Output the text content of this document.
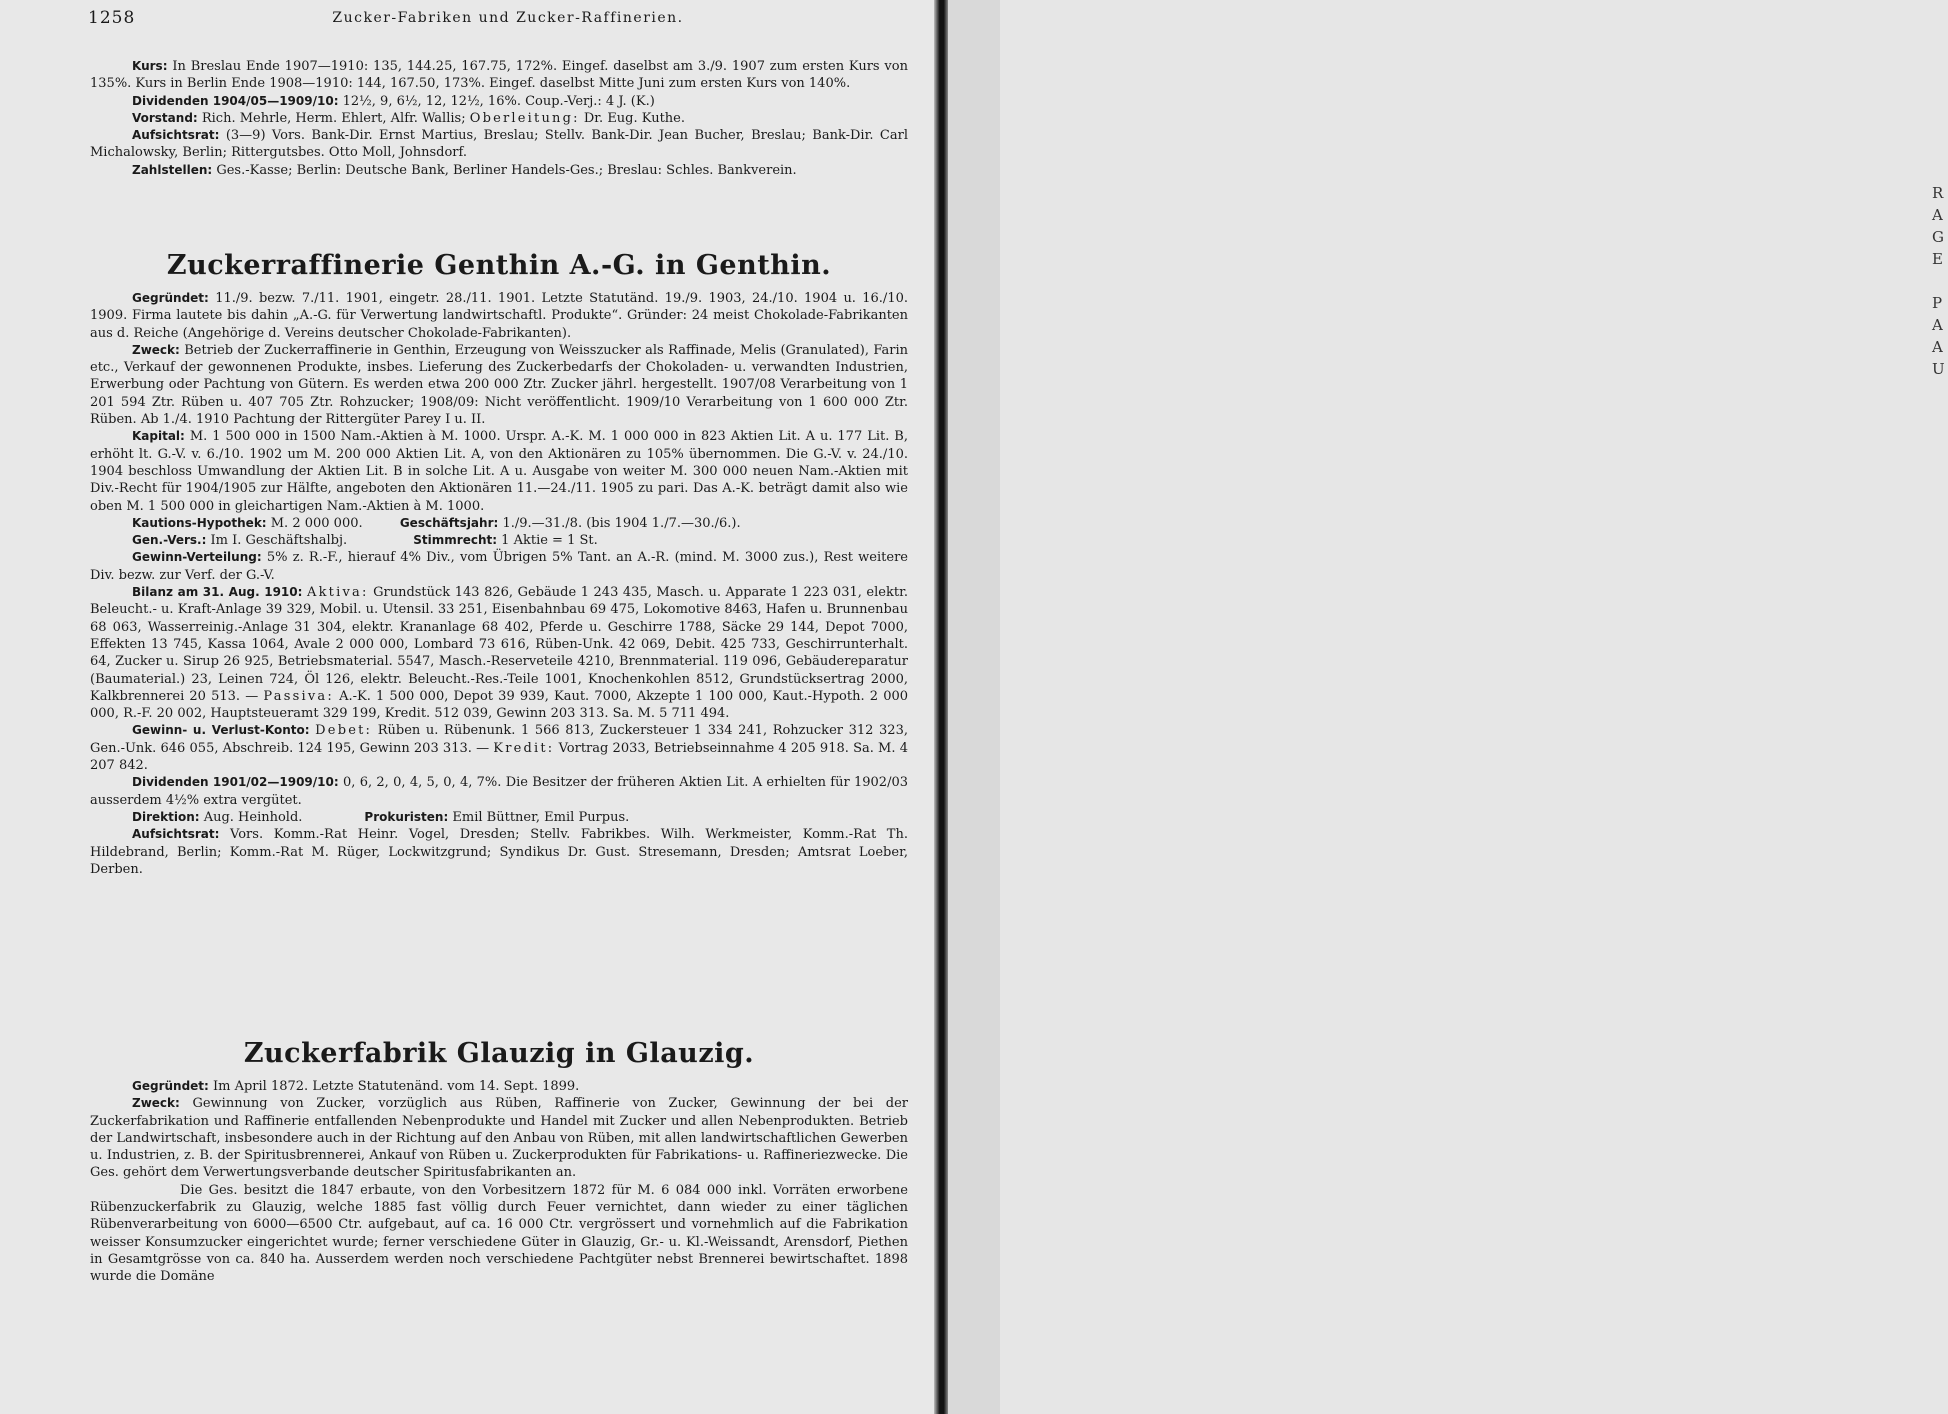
1258	Zucker-Fabriken und Zucker-Raffinerien.

Kurs: In Breslau Ende 1907—1910: 135, 144.25, 167.75, 172%. Eingef. daselbst am 3./9. 1907 zum ersten Kurs von 135%. Kurs in Berlin Ende 1908—1910: 144, 167.50, 173%. Eingef. daselbst Mitte Juni zum ersten Kurs von 140%.

Dividenden 1904/05—1909/10: 12½, 9, 6½, 12, 12½, 16%. Coup.-Verj.: 4 J. (K.)

Vorstand: Rich. Mehrle, Herm. Ehlert, Alfr. Wallis; Oberleitung: Dr. Eug. Kuthe.

Aufsichtsrat: (3—9) Vors. Bank-Dir. Ernst Martius, Breslau; Stellv. Bank-Dir. Jean Bucher, Breslau; Bank-Dir. Carl Michalowsky, Berlin; Rittergutsbes. Otto Moll, Johnsdorf.

Zahlstellen: Ges.-Kasse; Berlin: Deutsche Bank, Berliner Handels-Ges.; Breslau: Schles. Bankverein.

Zuckerraffinerie Genthin A.-G. in Genthin.

Gegründet: 11./9. bezw. 7./11. 1901, eingetr. 28./11. 1901. Letzte Statutänd. 19./9. 1903, 24./10. 1904 u. 16./10. 1909. Firma lautete bis dahin „A.-G. für Verwertung landwirtschaftl. Produkte“. Gründer: 24 meist Chokolade-Fabrikanten aus d. Reiche (Angehörige d. Vereins deutscher Chokolade-Fabrikanten).

Zweck: Betrieb der Zuckerraffinerie in Genthin, Erzeugung von Weisszucker als Raffinade, Melis (Granulated), Farin etc., Verkauf der gewonnenen Produkte, insbes. Lieferung des Zuckerbedarfs der Chokoladen- u. verwandten Industrien, Erwerbung oder Pachtung von Gütern. Es werden etwa 200 000 Ztr. Zucker jährl. hergestellt. 1907/08 Verarbeitung von 1 201 594 Ztr. Rüben u. 407 705 Ztr. Rohzucker; 1908/09: Nicht veröffentlicht. 1909/10 Verarbeitung von 1 600 000 Ztr. Rüben. Ab 1./4. 1910 Pachtung der Rittergüter Parey I u. II.

Kapital: M. 1 500 000 in 1500 Nam.-Aktien à M. 1000. Urspr. A.-K. M. 1 000 000 in 823 Aktien Lit. A u. 177 Lit. B, erhöht lt. G.-V. v. 6./10. 1902 um M. 200 000 Aktien Lit. A, von den Aktionären zu 105% übernommen. Die G.-V. v. 24./10. 1904 beschloss Umwandlung der Aktien Lit. B in solche Lit. A u. Ausgabe von weiter M. 300 000 neuen Nam.-Aktien mit Div.-Recht für 1904/1905 zur Hälfte, angeboten den Aktionären 11.—24./11. 1905 zu pari. Das A.-K. beträgt damit also wie oben M. 1 500 000 in gleichartigen Nam.-Aktien à M. 1000.

Kautions-Hypothek: M. 2 000 000.	Geschäftsjahr: 1./9.—31./8. (bis 1904 1./7.—30./6.).

Gen.-Vers.: Im I. Geschäftshalbj.	Stimmrecht: 1 Aktie = 1 St.

Gewinn-Verteilung: 5% z. R.-F., hierauf 4% Div., vom Übrigen 5% Tant. an A.-R. (mind. M. 3000 zus.), Rest weitere Div. bezw. zur Verf. der G.-V.

Bilanz am 31. Aug. 1910: Aktiva: Grundstück 143 826, Gebäude 1 243 435, Masch. u. Apparate 1 223 031, elektr. Beleucht.- u. Kraft-Anlage 39 329, Mobil. u. Utensil. 33 251, Eisenbahnbau 69 475, Lokomotive 8463, Hafen u. Brunnenbau 68 063, Wasserreinig.-Anlage 31 304, elektr. Krananlage 68 402, Pferde u. Geschirre 1788, Säcke 29 144, Depot 7000, Effekten 13 745, Kassa 1064, Avale 2 000 000, Lombard 73 616, Rüben-Unk. 42 069, Debit. 425 733, Geschirrunterhalt. 64, Zucker u. Sirup 26 925, Betriebsmaterial. 5547, Masch.-Reserveteile 4210, Brennmaterial. 119 096, Gebäudereparatur (Baumaterial.) 23, Leinen 724, Öl 126, elektr. Beleucht.-Res.-Teile 1001, Knochenkohlen 8512, Grundstücksertrag 2000, Kalkbrennerei 20 513. — Passiva: A.-K. 1 500 000, Depot 39 939, Kaut. 7000, Akzepte 1 100 000, Kaut.-Hypoth. 2 000 000, R.-F. 20 002, Hauptsteueramt 329 199, Kredit. 512 039, Gewinn 203 313. Sa. M. 5 711 494.

Gewinn- u. Verlust-Konto: Debet: Rüben u. Rübenunk. 1 566 813, Zuckersteuer 1 334 241, Rohzucker 312 323, Gen.-Unk. 646 055, Abschreib. 124 195, Gewinn 203 313. — Kredit: Vortrag 2033, Betriebseinnahme 4 205 918. Sa. M. 4 207 842.

Dividenden 1901/02—1909/10: 0, 6, 2, 0, 4, 5, 0, 4, 7%. Die Besitzer der früheren Aktien Lit. A erhielten für 1902/03 ausserdem 4½% extra vergütet.

Direktion: Aug. Heinhold.	Prokuristen: Emil Büttner, Emil Purpus.

Aufsichtsrat: Vors. Komm.-Rat Heinr. Vogel, Dresden; Stellv. Fabrikbes. Wilh. Werkmeister, Komm.-Rat Th. Hildebrand, Berlin; Komm.-Rat M. Rüger, Lockwitzgrund; Syndikus Dr. Gust. Stresemann, Dresden; Amtsrat Loeber, Derben.

Zuckerfabrik Glauzig in Glauzig.

Gegründet: Im April 1872. Letzte Statutenänd. vom 14. Sept. 1899.

Zweck: Gewinnung von Zucker, vorzüglich aus Rüben, Raffinerie von Zucker, Gewinnung der bei der Zuckerfabrikation und Raffinerie entfallenden Nebenprodukte und Handel mit Zucker und allen Nebenprodukten. Betrieb der Landwirtschaft, insbesondere auch in der Richtung auf den Anbau von Rüben, mit allen landwirtschaftlichen Gewerben u. Industrien, z. B. der Spiritusbrennerei, Ankauf von Rüben u. Zuckerprodukten für Fabrikations- u. Raffineriezwecke. Die Ges. gehört dem Verwertungsverbande deutscher Spiritusfabrikanten an.

Die Ges. besitzt die 1847 erbaute, von den Vorbesitzern 1872 für M. 6 084 000 inkl. Vorräten erworbene Rübenzuckerfabrik zu Glauzig, welche 1885 fast völlig durch Feuer vernichtet, dann wieder zu einer täglichen Rübenverarbeitung von 6000—6500 Ctr. aufgebaut, auf ca. 16 000 Ctr. vergrössert und vornehmlich auf die Fabrikation weisser Konsumzucker eingerichtet wurde; ferner verschiedene Güter in Glauzig, Gr.- u. Kl.-Weissandt, Arensdorf, Piethen in Gesamtgrösse von ca. 840 ha. Ausserdem werden noch verschiedene Pachtgüter nebst Brennerei bewirtschaftet. 1898 wurde die Domäne

R
A
G
E

P
A
A
U
